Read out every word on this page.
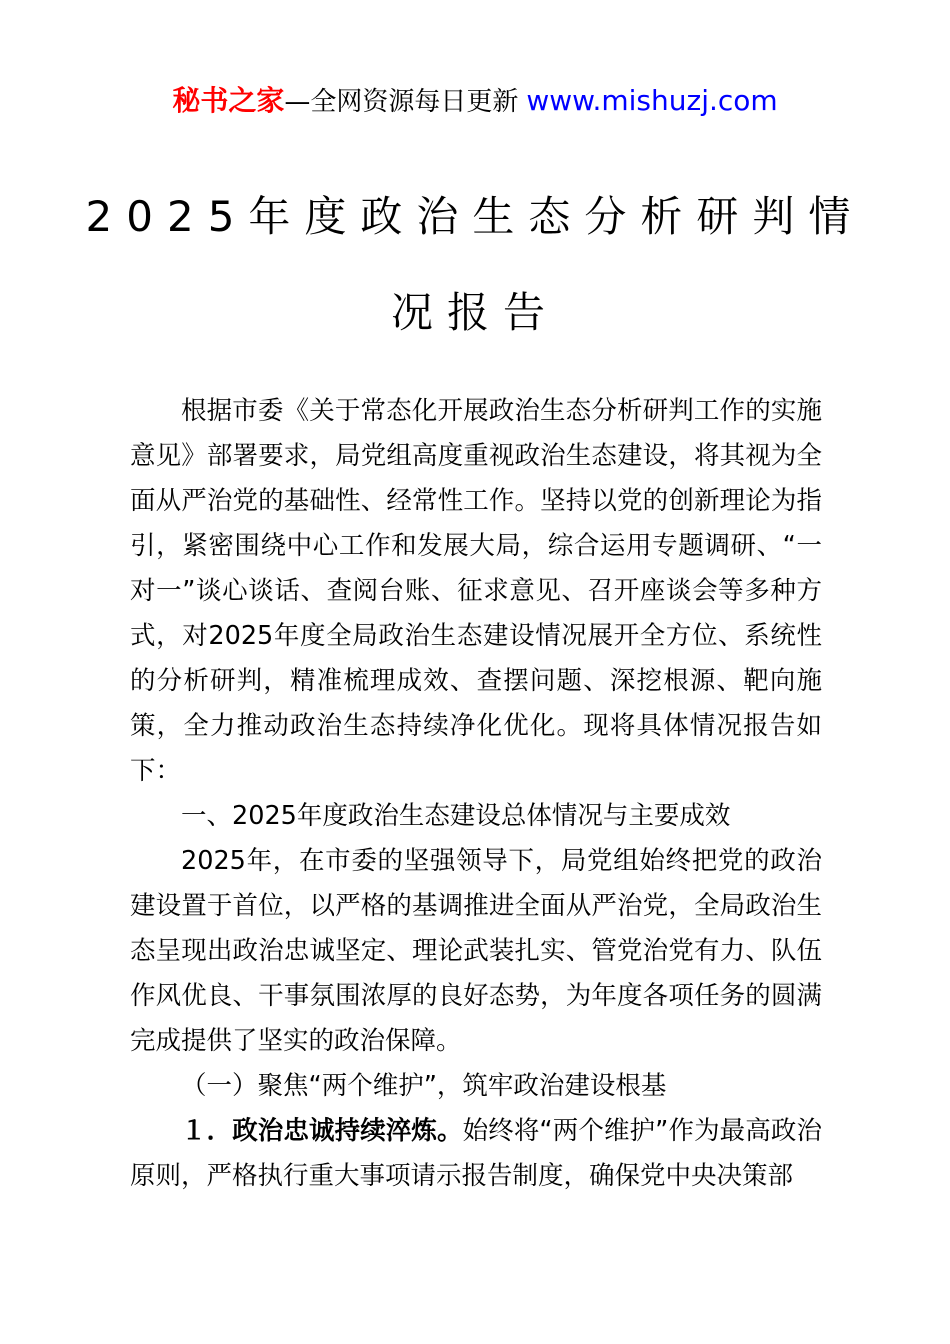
秘书之家—全网资源每日更新 www.mishuzj.com
2025年度政治生态分析研判情
况报告

根据市委《关于常态化开展政治生态分析研判工作的实施意见》部署要求，局党组高度重视政治生态建设，将其视为全面从严治党的基础性、经常性工作。坚持以党的创新理论为指引，紧密围绕中心工作和发展大局，综合运用专题调研、“一对一”谈心谈话、查阅台账、征求意见、召开座谈会等多种方式，对2025年度全局政治生态建设情况展开全方位、系统性的分析研判，精准梳理成效、查摆问题、深挖根源、靶向施策，全力推动政治生态持续净化优化。现将具体情况报告如下：

一、2025年度政治生态建设总体情况与主要成效

2025年，在市委的坚强领导下，局党组始终把党的政治建设置于首位，以严格的基调推进全面从严治党，全局政治生态呈现出政治忠诚坚定、理论武装扎实、管党治党有力、队伍作风优良、干事氛围浓厚的良好态势，为年度各项任务的圆满完成提供了坚实的政治保障。

（一）聚焦“两个维护”，筑牢政治建设根基

１．政治忠诚持续淬炼。始终将“两个维护”作为最高政治原则，严格执行重大事项请示报告制度，确保党中央决策部
